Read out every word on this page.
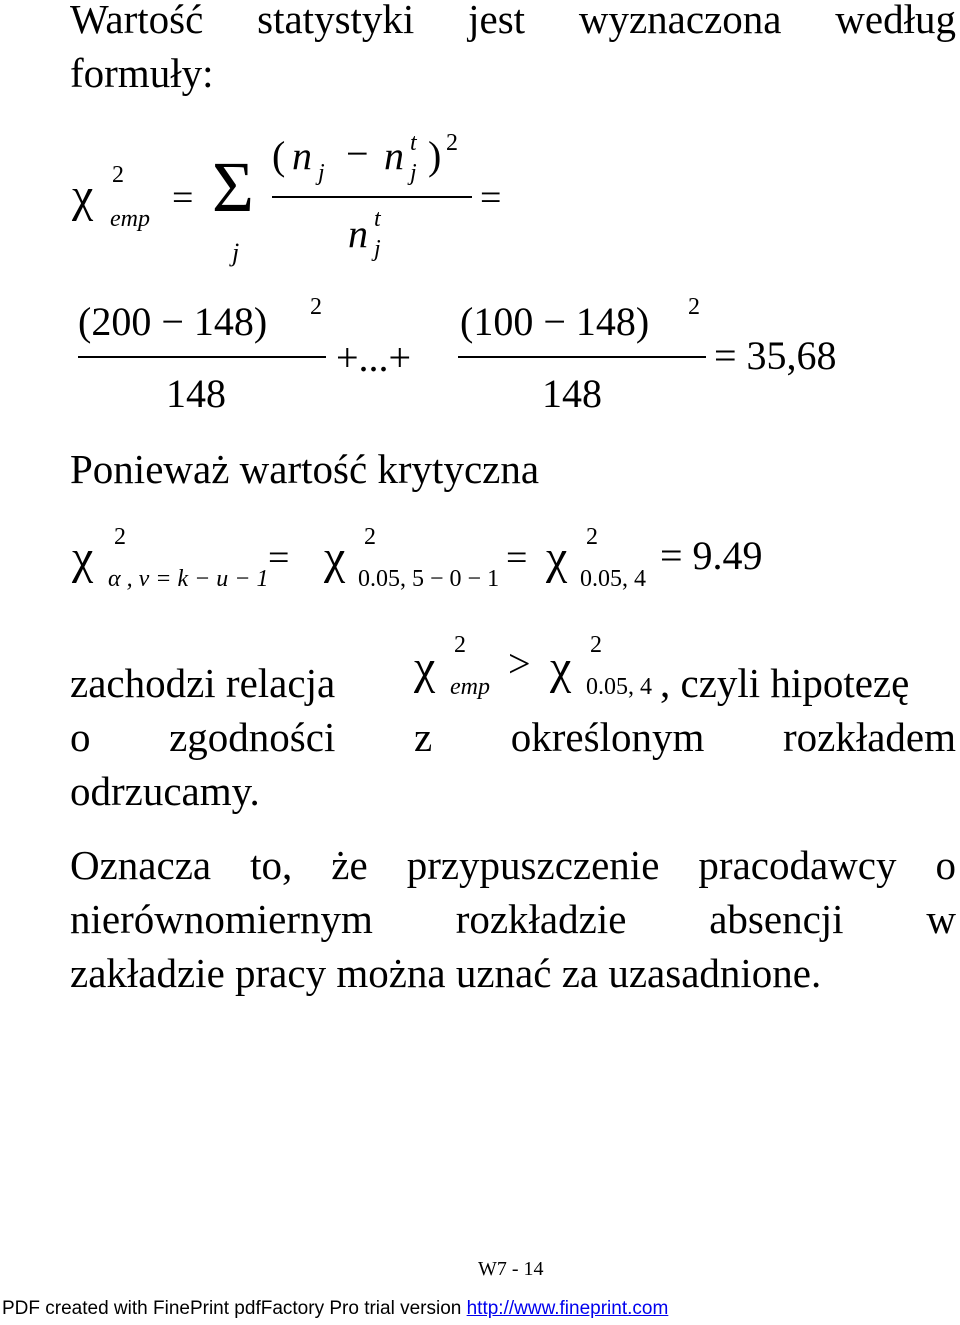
Wartość statystyki jest wyznaczona według
formuły:
χ 2
emp = Σ
j
( n j − n t
j ) 2
n t
j
=
(200 − 148) 2
148
+...+
(100 − 148) 2
148
= 35,68
Ponieważ wartość krytyczna
χ 2
α , v = k − u − 1 = χ 2
0.05, 5 − 0 − 1 = χ 2
0.05, 4
= 9.49
zachodzi relacja χ 2
emp
> χ 2
0.05, 4 , czyli hipotezę
o zgodności z określonym rozkładem
odrzucamy.
Oznacza to, że przypuszczenie pracodawcy o
nierównomiernym rozkładzie absencji w
zakładzie pracy można uznać za uzasadnione.
W7 - 14
PDF created with FinePrint pdfFactory Pro trial version http://www.fineprint.com
